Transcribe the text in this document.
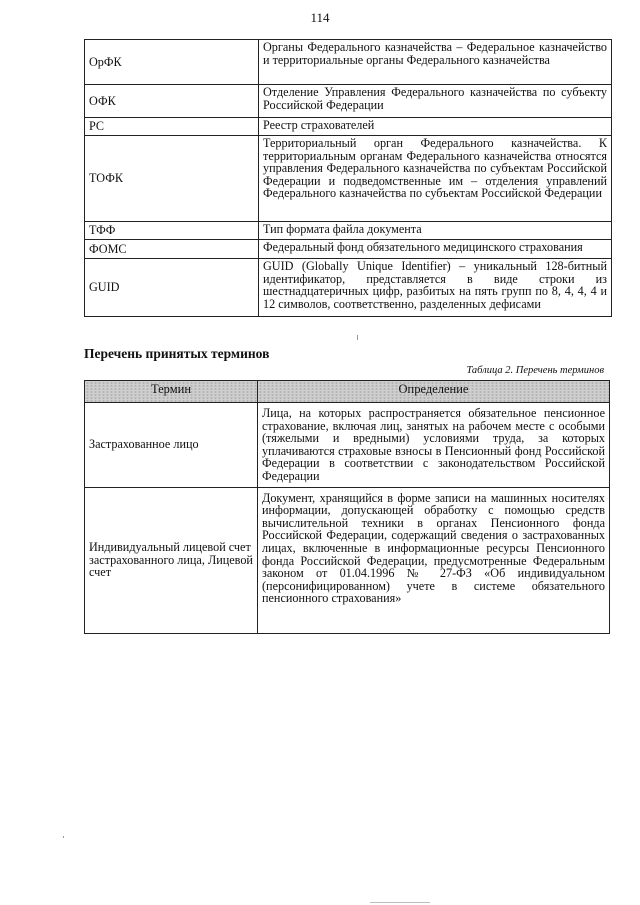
114
ОрФК	Органы Федерального казначейства – Федеральное казначейство и территориальные органы Федерального казначейства
ОФК	Отделение Управления Федерального казначейства по субъекту Российской Федерации
РС	Реестр страхователей
ТОФК	Территориальный орган Федерального казначейства. К территориальным органам Федерального казначейства относятся управления Федерального казначейства по субъектам Российской Федерации и подведомственные им – отделения управлений Федерального казначейства по субъектам Российской Федерации
ТФФ	Тип формата файла документа
ФОМС	Федеральный фонд обязательного медицинского страхования
GUID	GUID (Globally Unique Identifier) – уникальный 128-битный идентификатор, представляется в виде строки из шестнадцатеричных цифр, разбитых на пять групп по 8, 4, 4, 4 и 12 символов, соответственно, разделенных дефисами
Перечень принятых терминов
Таблица 2. Перечень терминов
Термин	Определение
Застрахованное лицо	Лица, на которых распространяется обязательное пенсионное страхование, включая лиц, занятых на рабочем месте с особыми (тяжелыми и вредными) условиями труда, за которых уплачиваются страховые взносы в Пенсионный фонд Российской Федерации в соответствии с законодательством Российской Федерации
Индивидуальный лицевой счет застрахованного лица, Лицевой счет	Документ, хранящийся в форме записи на машинных носителях информации, допускающей обработку с помощью средств вычислительной техники в органах Пенсионного фонда Российской Федерации, содержащий сведения о застрахованных лицах, включенные в информационные ресурсы Пенсионного фонда Российской Федерации, предусмотренные Федеральным законом от 01.04.1996 № 27-ФЗ «Об индивидуальном (персонифицированном) учете в системе обязательного пенсионного страхования»
